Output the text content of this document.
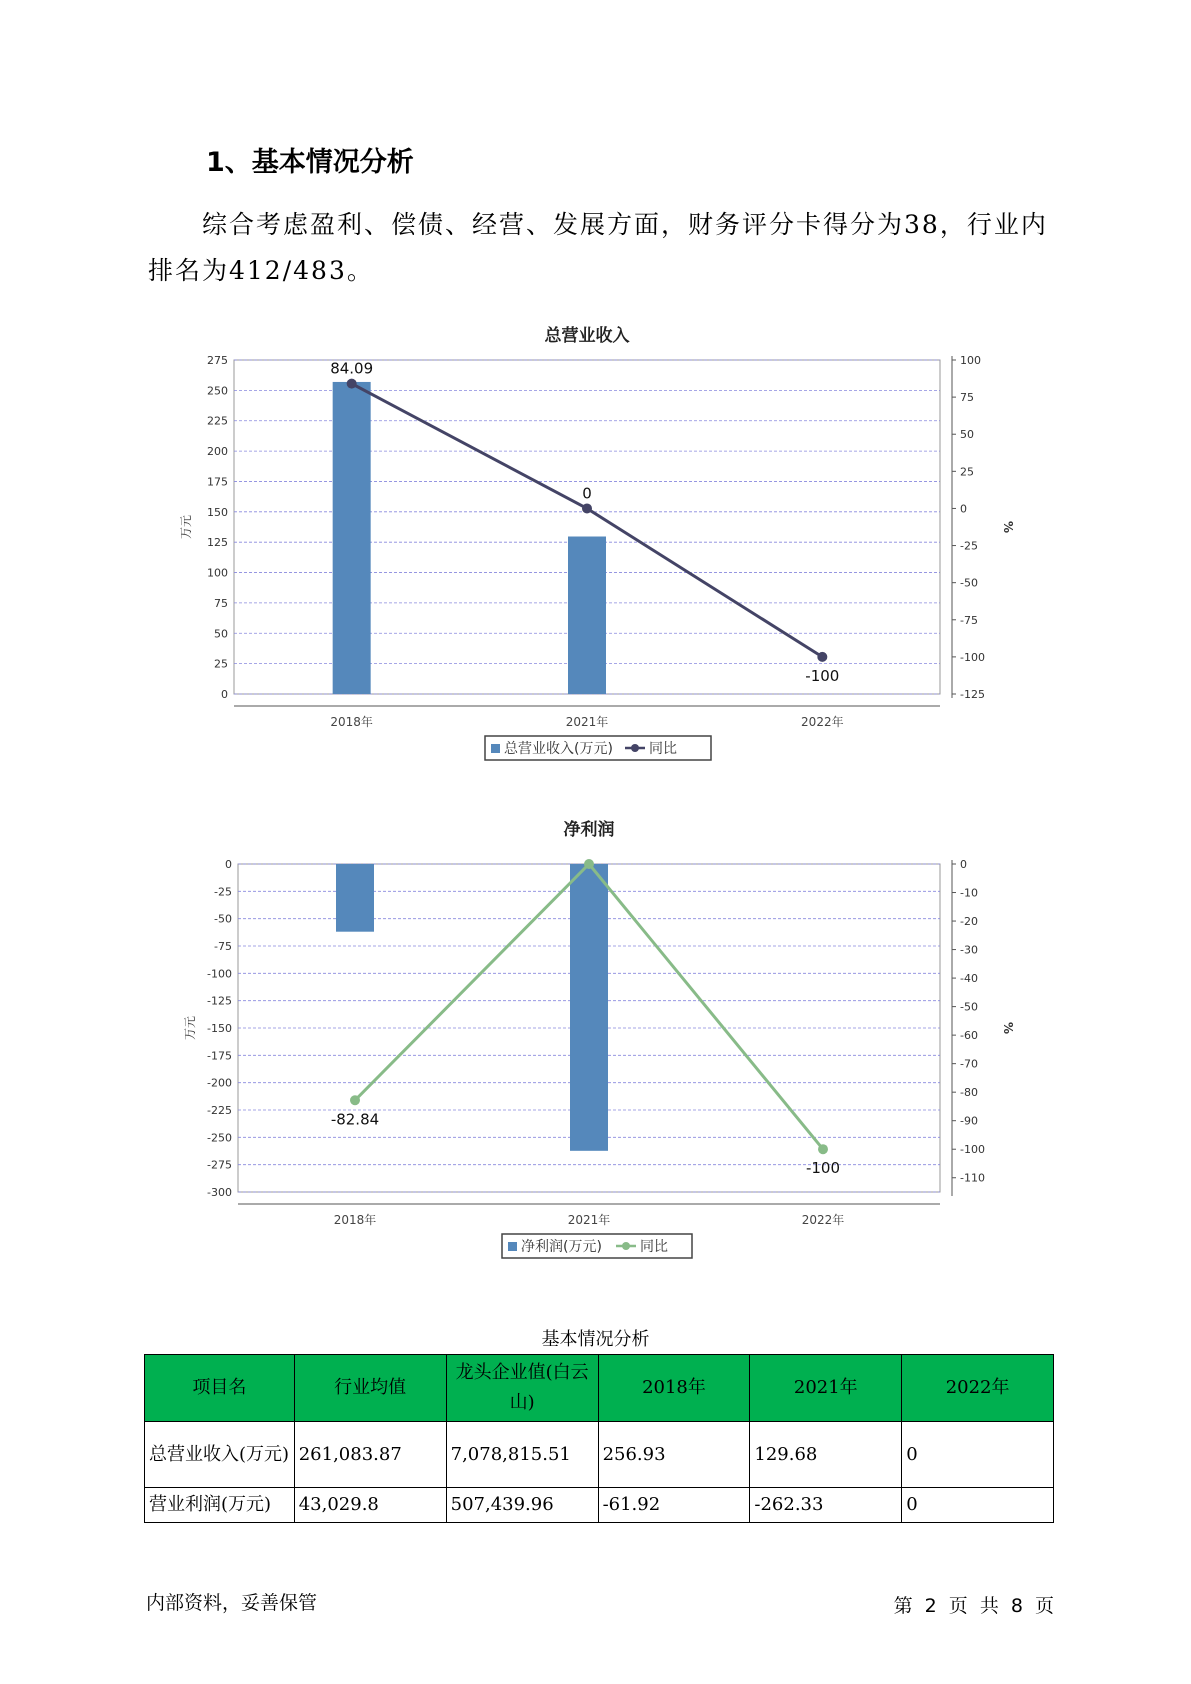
1、基本情况分析
综合考虑盈利、偿债、经营、发展方面，财务评分卡得分为38，行业内排名为412/483。
总营业收入
0
25
50
75
100
125
150
175
200
225
250
275
-125
-100
-75
-50
-25
0
25
50
75
100
万元	%
2018年	2021年	2022年
84.09
0
-100
总营业收入(万元)	同比
净利润
0
-25
-50
-75
-100
-125
-150
-175
-200
-225
-250
-275
-300
0
-10
-20
-30
-40
-50
-60
-70
-80
-90
-100
-110
万元	%
2018年	2021年	2022年
-82.84
-100
净利润(万元)	同比
基本情况分析
项目名	行业均值	龙头企业值(白云山)	2018年	2021年	2022年
总营业收入(万元)	261,083.87	7,078,815.51	256.93	129.68	0
营业利润(万元)	43,029.8	507,439.96	-61.92	-262.33	0
内部资料，妥善保管	第 2 页 共 8 页
